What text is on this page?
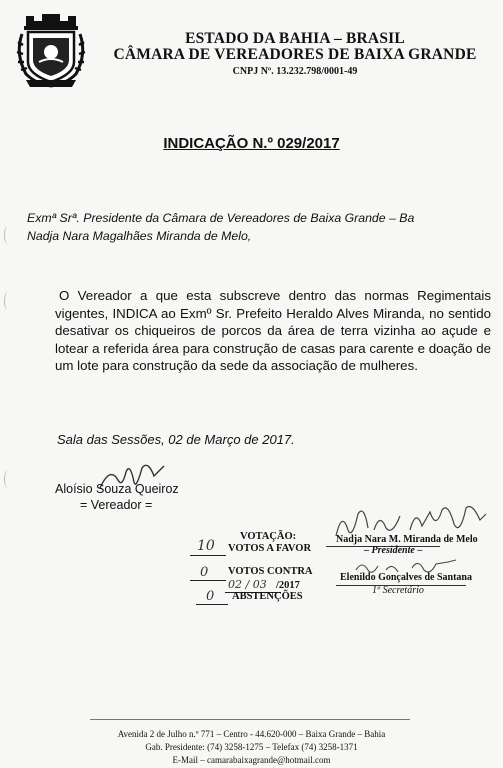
ESTADO DA BAHIA – BRASIL
CÂMARA DE VEREADORES DE BAIXA GRANDE
CNPJ Nº. 13.232.798/0001-49
INDICAÇÃO N.º 029/2017
Exmª Srª. Presidente da Câmara de Vereadores de Baixa Grande – Ba
Nadja Nara Magalhães Miranda de Melo,
O Vereador a que esta subscreve dentro das normas Regimentais vigentes, INDICA ao Exmº Sr. Prefeito Heraldo Alves Miranda, no sentido desativar os chiqueiros de porcos da área de terra vizinha ao açude e lotear a referida área para construção de casas para carente e doação de um lote para construção da sede da associação de mulheres.
Sala das Sessões, 02 de Março de 2017.
Aloísio Souza Queiroz
= Vereador =
VOTAÇÃO:
10 VOTOS A FAVOR
0 VOTOS CONTRA
02 / 03 /2017
0 ABSTENÇÕES
Nadja Nara M. Miranda de Melo
– Presidente –
Elenildo Gonçalves de Santana
1º Secretário
Avenida 2 de Julho n.º 771 – Centro - 44.620-000 – Baixa Grande – Bahia
Gab. Presidente: (74) 3258-1275 – Telefax (74) 3258-1371
E-Mail – camarabaixagrande@hotmail.com
